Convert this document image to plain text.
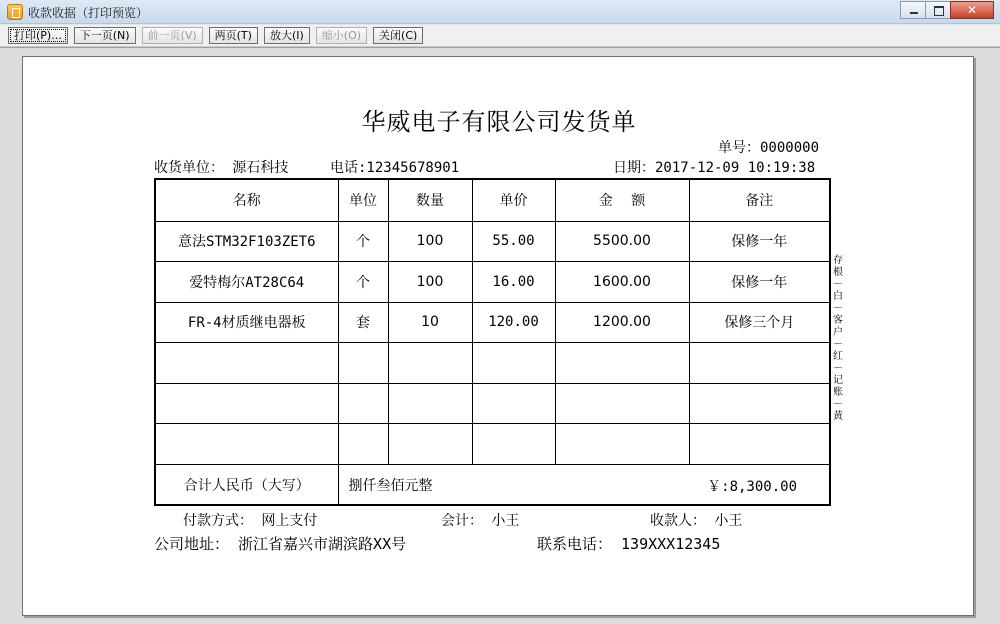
收款收据（打印预览）	✕
打印(P)...	下一页(N)	前一页(V)	两页(T)	放大(I)	缩小(O)	关闭(C)
华威电子有限公司发货单
单号：0000000
收货单位： 源石科技	电话:12345678901	日期：2017-12-09 10:19:38
名称	单位	数量	单价	金　 额	备注
意法STM32F103ZET6	个	100	55.00	5500.00	保修一年
爱特梅尔AT28C64	个	100	16.00	1600.00	保修一年
FR-4材质继电器板	套	10	120.00	1200.00	保修三个月

合计人民币（大写）	捌仟叁佰元整 ￥:8,300.00				
存根－白－客户－红－记账－黄
付款方式： 网上支付	会计： 小王	收款人： 小王
公司地址： 浙江省嘉兴市湖滨路XX号	联系电话： 139XXX12345
